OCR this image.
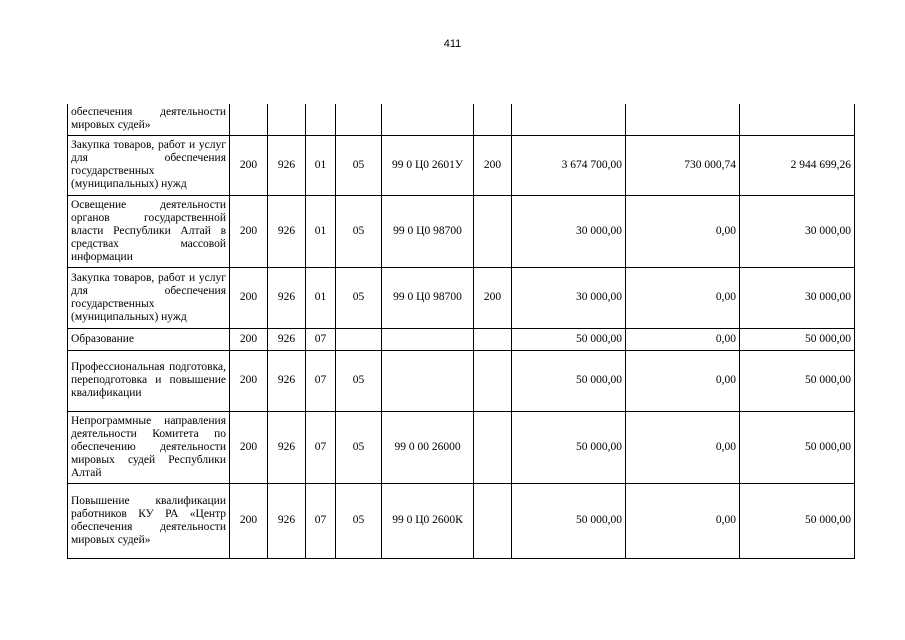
411
обеспечения деятельности мировых судей»									
Закупка товаров, работ и услуг для обеспечения государственных (муниципальных) нужд	200	926	01	05	99 0 Ц0 2601У	200	3 674 700,00	730 000,74	2 944 699,26
Освещение деятельности органов государственной власти Республики Алтай в средствах массовой информации	200	926	01	05	99 0 Ц0 98700		30 000,00	0,00	30 000,00
Закупка товаров, работ и услуг для обеспечения государственных (муниципальных) нужд	200	926	01	05	99 0 Ц0 98700	200	30 000,00	0,00	30 000,00
Образование	200	926	07				50 000,00	0,00	50 000,00
Профессиональная подготовка, переподготовка и повышение квалификации	200	926	07	05			50 000,00	0,00	50 000,00
Непрограммные направления деятельности Комитета по обеспечению деятельности мировых судей Республики Алтай	200	926	07	05	99 0 00 26000		50 000,00	0,00	50 000,00
Повышение квалификации работников КУ РА «Центр обеспечения деятельности мировых судей»	200	926	07	05	99 0 Ц0 2600К		50 000,00	0,00	50 000,00
